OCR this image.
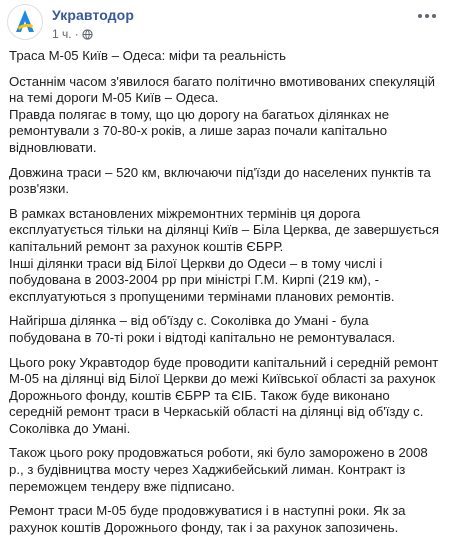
Укравтодор
1 ч. ·

Траса М-05 Київ – Одеса: міфи та реальність

Останнім часом з'явилося багато політично вмотивованих спекуляцій на темі дороги М-05 Київ – Одеса.
Правда полягає в тому, що цю дорогу на багатьох ділянках не ремонтували з 70-80-х років, а лише зараз почали капітально відновлювати.

Довжина траси – 520 км, включаючи під'їзди до населених пунктів та розв'язки.

В рамках встановлених міжремонтних термінів ця дорога експлуатується тільки на ділянці Київ – Біла Церква, де завершується капітальний ремонт за рахунок коштів ЄБРР.
Інші ділянки траси від Білої Церкви до Одеси – в тому числі і побудована в 2003-2004 рр при міністрі Г.М. Кирпі (219 км), - експлуатуються з пропущеними термінами планових ремонтів.

Найгірша ділянка – від об'їзду с. Соколівка до Умані - була побудована в 70-ті роки і відтоді капітально не ремонтувалася.

Цього року Укравтодор буде проводити капітальний і середній ремонт М-05 на ділянці від Білої Церкви до межі Київської області за рахунок Дорожнього фонду, коштів ЄБРР та ЄІБ. Також буде виконано середній ремонт траси в Черкаській області на ділянці від об'їзду с. Соколівка до Умані.

Також цього року продовжаться роботи, які було заморожено в 2008 р., з будівництва мосту через Хаджибейський лиман. Контракт із переможцем тендеру вже підписано.

Ремонт траси М-05 буде продовжуватися і в наступні роки. Як за рахунок коштів Дорожнього фонду, так і за рахунок запозичень.
